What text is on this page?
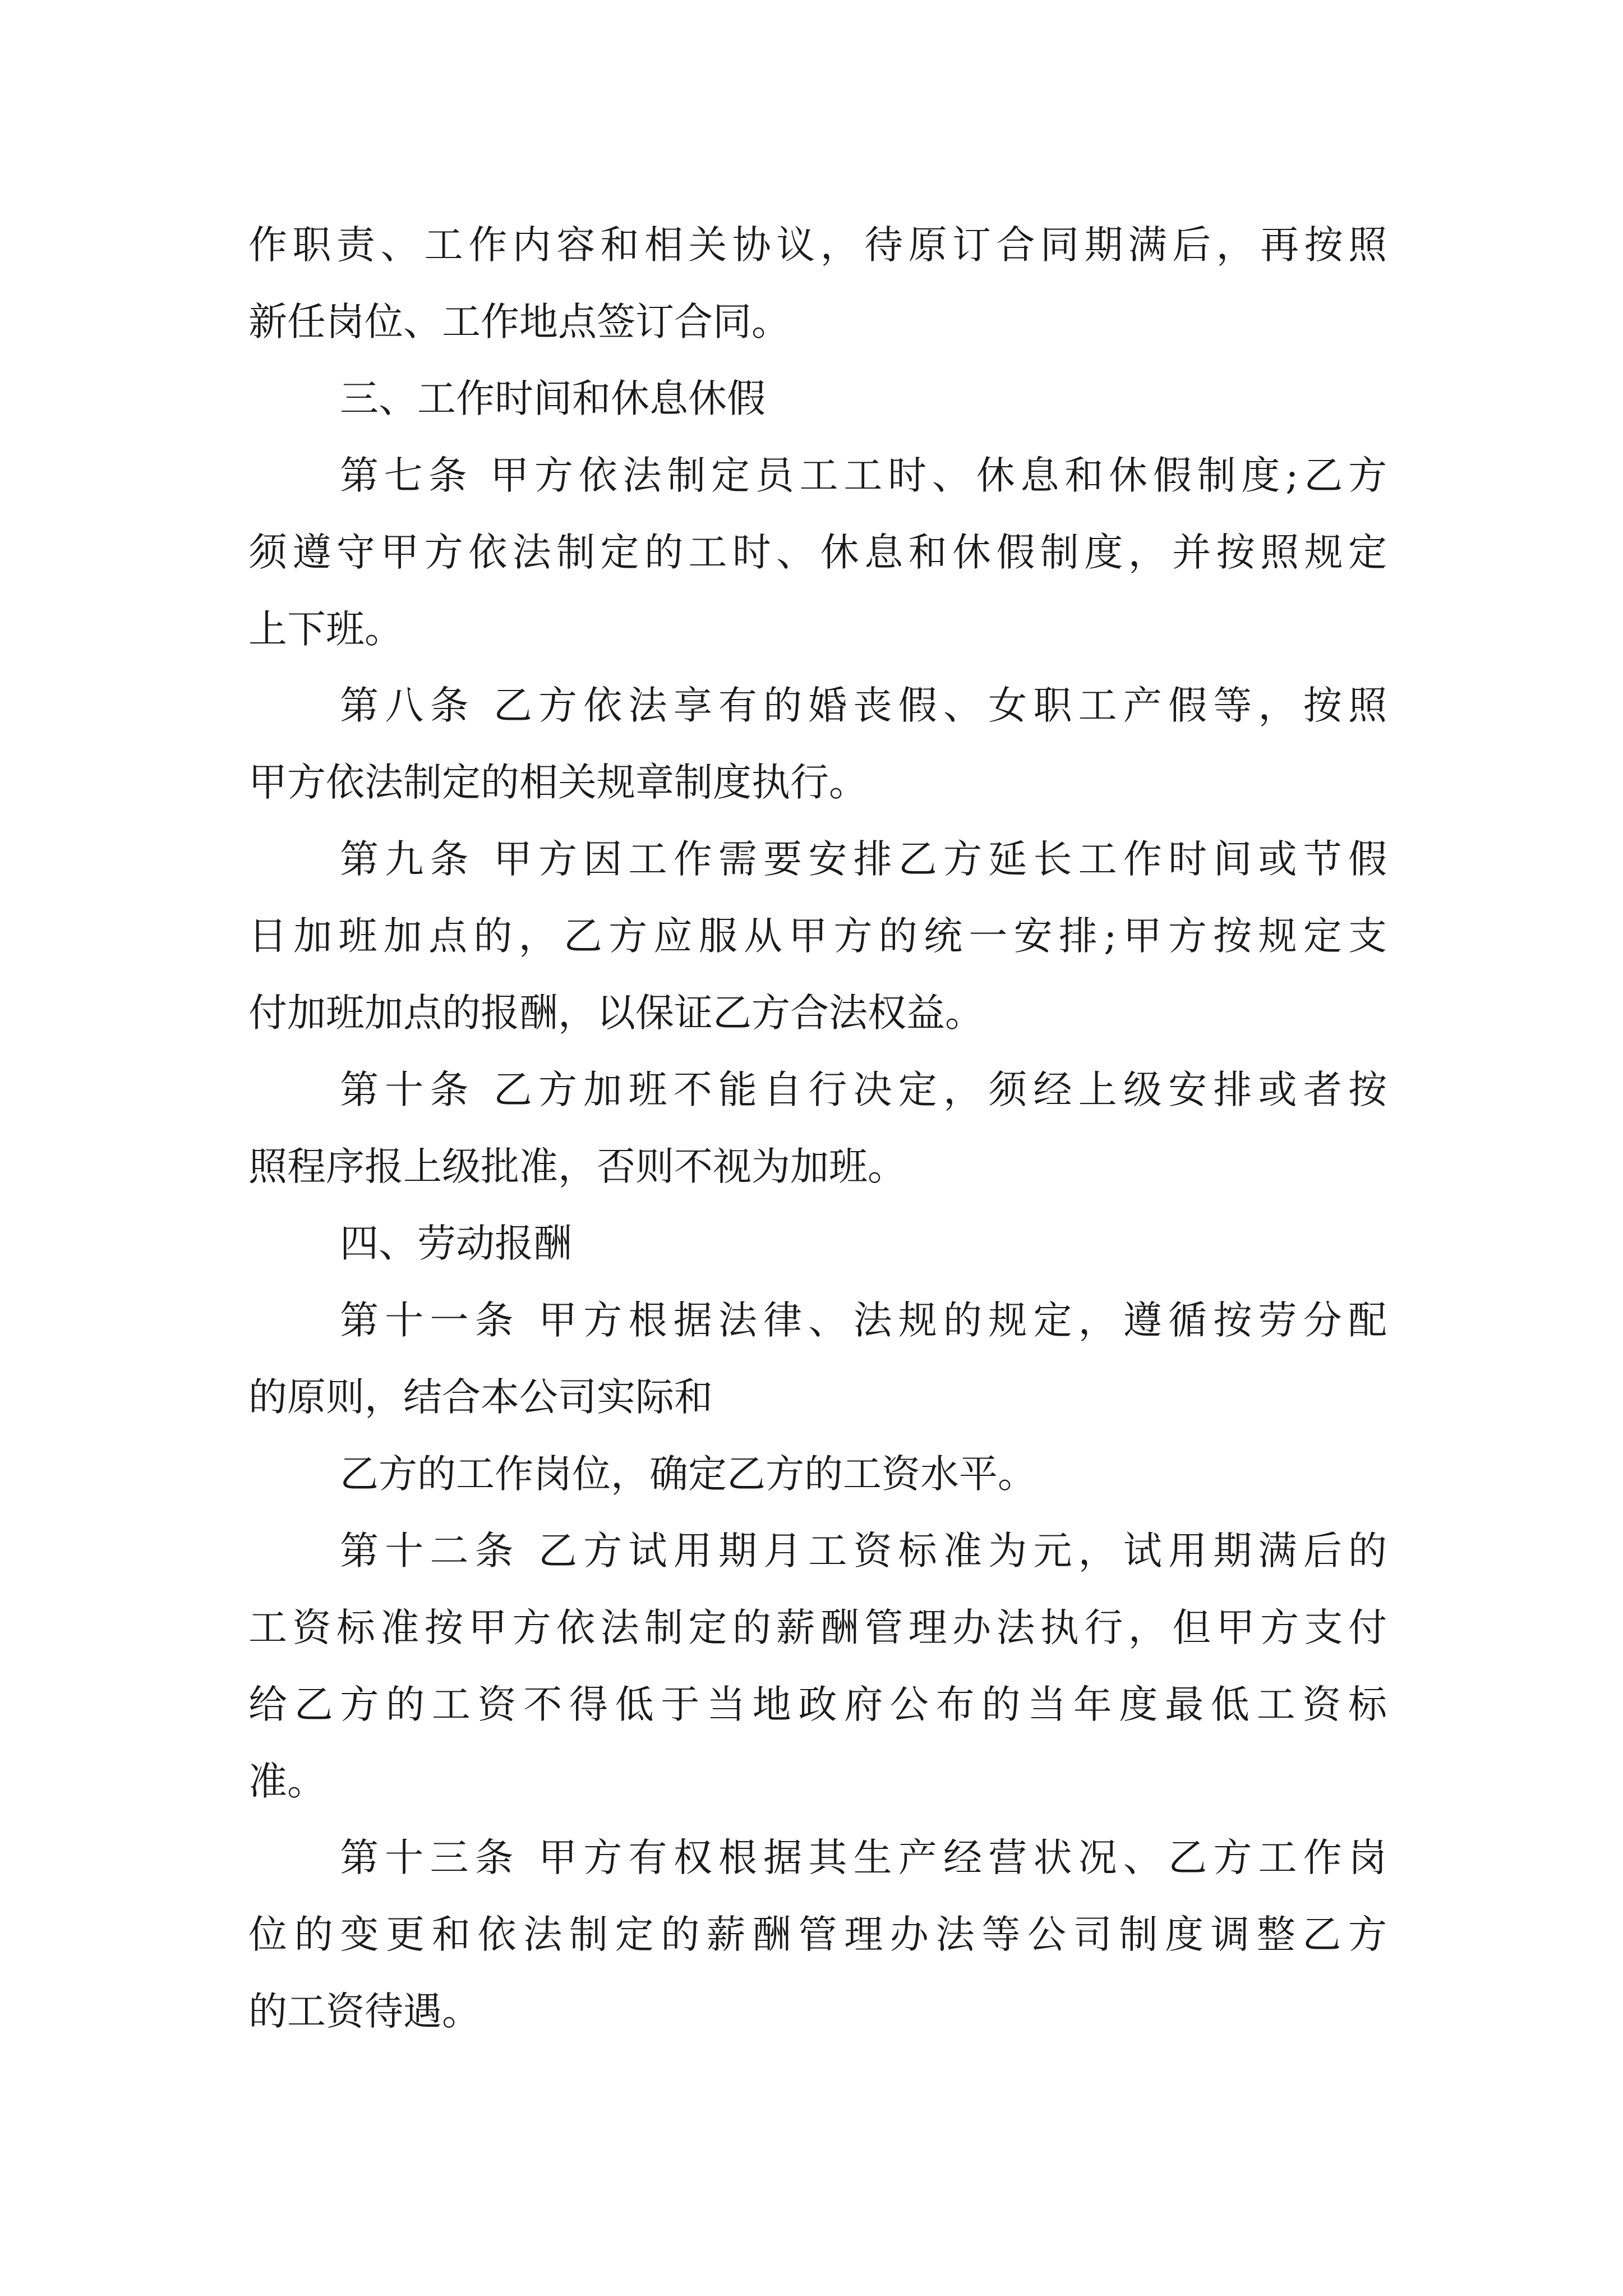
作职责、工作内容和相关协议，待原订合同期满后，再按照

新任岗位、工作地点签订合同。

三、工作时间和休息休假

第七条 甲方依法制定员工工时、休息和休假制度;乙方

须遵守甲方依法制定的工时、休息和休假制度，并按照规定

上下班。

第八条 乙方依法享有的婚丧假、女职工产假等，按照

甲方依法制定的相关规章制度执行。

第九条 甲方因工作需要安排乙方延长工作时间或节假

日加班加点的，乙方应服从甲方的统一安排;甲方按规定支

付加班加点的报酬，以保证乙方合法权益。

第十条 乙方加班不能自行决定，须经上级安排或者按

照程序报上级批准，否则不视为加班。

四、劳动报酬

第十一条 甲方根据法律、法规的规定，遵循按劳分配

的原则，结合本公司实际和

乙方的工作岗位，确定乙方的工资水平。

第十二条 乙方试用期月工资标准为元，试用期满后的

工资标准按甲方依法制定的薪酬管理办法执行，但甲方支付

给乙方的工资不得低于当地政府公布的当年度最低工资标

准。

第十三条 甲方有权根据其生产经营状况、乙方工作岗

位的变更和依法制定的薪酬管理办法等公司制度调整乙方

的工资待遇。
